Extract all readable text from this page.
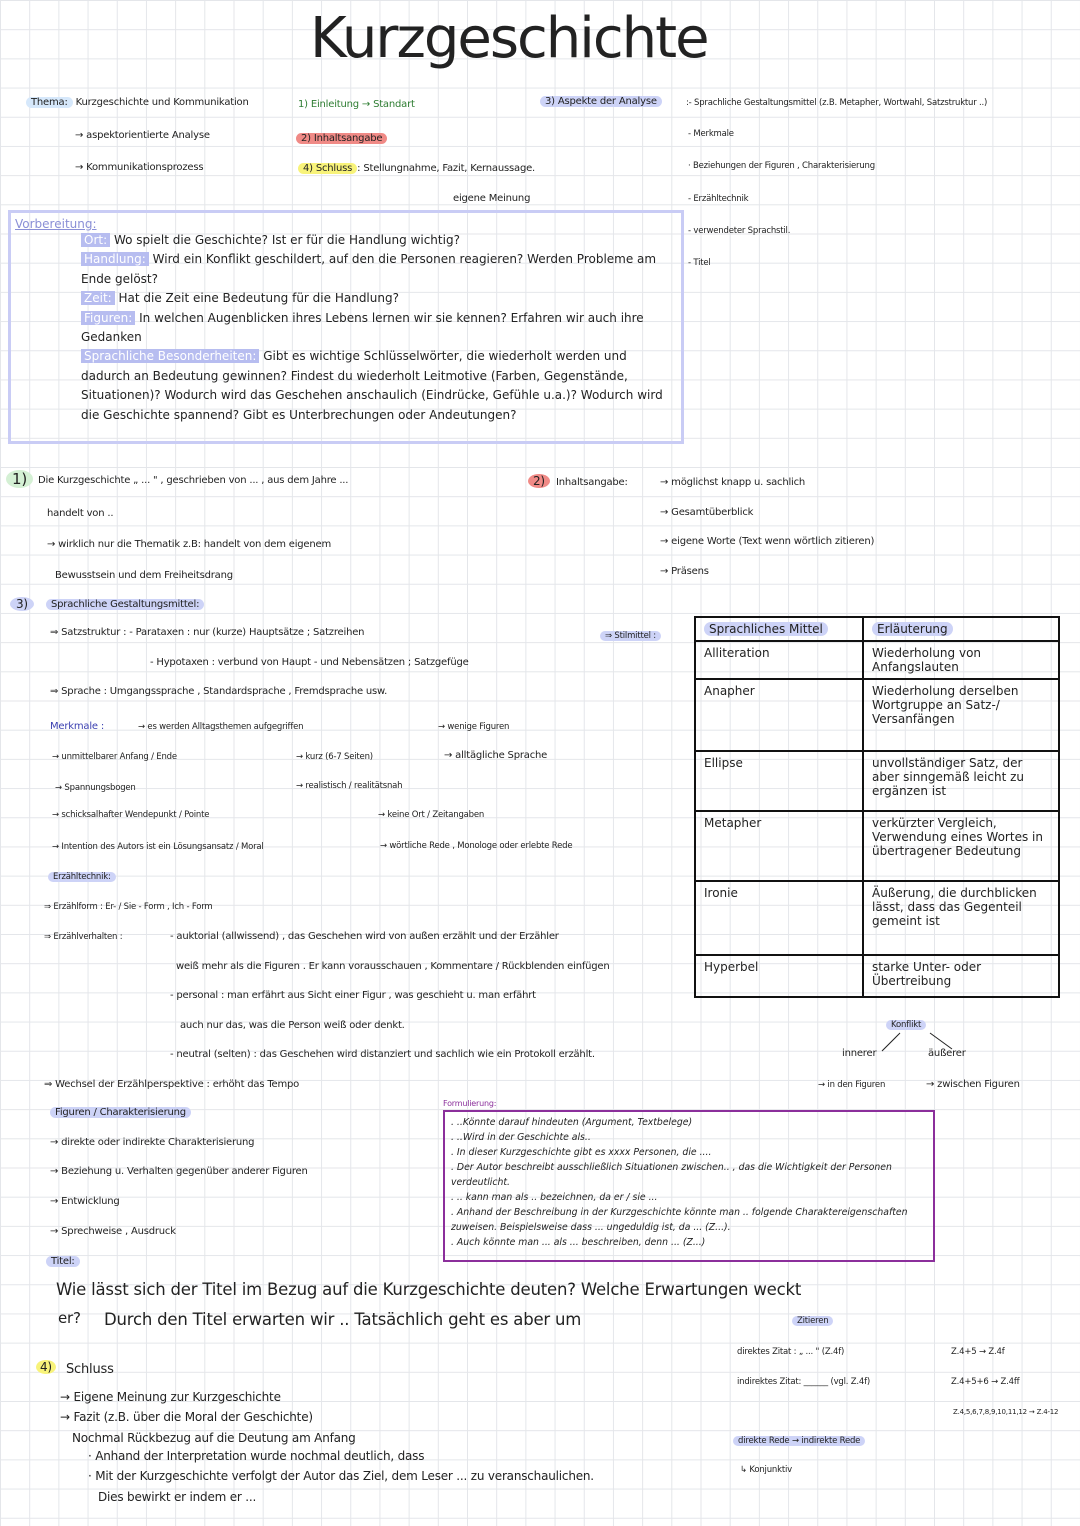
Kurzgeschichte
Thema: Kurzgeschichte und Kommunikation
→ aspektorientierte Analyse
→ Kommunikationsprozess
1) Einleitung → Standart
2) Inhaltsangabe
4) Schluss : Stellungnahme, Fazit, Kernaussage.
eigene Meinung
3) Aspekte der Analyse	:- Sprachliche Gestaltungsmittel (z.B. Metapher, Wortwahl, Satzstruktur ..)
- Merkmale
· Beziehungen der Figuren , Charakterisierung
- Erzähltechnik
- verwendeter Sprachstil.
- Titel
Vorbereitung:
Ort: Wo spielt die Geschichte? Ist er für die Handlung wichtig?
Handlung: Wird ein Konflikt geschildert, auf den die Personen reagieren? Werden Probleme am Ende gelöst?
Zeit: Hat die Zeit eine Bedeutung für die Handlung?
Figuren: In welchen Augenblicken ihres Lebens lernen wir sie kennen? Erfahren wir auch ihre Gedanken
Sprachliche Besonderheiten: Gibt es wichtige Schlüsselwörter, die wiederholt werden und dadurch an Bedeutung gewinnen? Findest du wiederholt Leitmotive (Farben, Gegenstände, Situationen)? Wodurch wird das Geschehen anschaulich (Eindrücke, Gefühle u.a.)? Wodurch wird die Geschichte spannend? Gibt es Unterbrechungen oder Andeutungen?
1)	Die Kurzgeschichte „ ... " , geschrieben von ... , aus dem Jahre ...
handelt von ..
→ wirklich nur die Thematik z.B: handelt von dem eigenem
Bewusstsein und dem Freiheitsdrang
2)	Inhaltsangabe:	→ möglichst knapp u. sachlich
→ Gesamtüberblick
→ eigene Worte (Text wenn wörtlich zitieren)
→ Präsens
3)	Sprachliche Gestaltungsmittel:
⇒ Satzstruktur : - Parataxen : nur (kurze) Hauptsätze ; Satzreihen
- Hypotaxen : verbund von Haupt - und Nebensätzen ; Satzgefüge
⇒ Sprache : Umgangssprache , Standardsprache , Fremdsprache usw.
Merkmale :	→ es werden Alltagsthemen aufgegriffen	→ wenige Figuren
→ unmittelbarer Anfang / Ende	→ kurz (6-7 Seiten)	→ alltägliche Sprache
→ Spannungsbogen	→ realistisch / realitätsnah
→ schicksalhafter Wendepunkt / Pointe	→ keine Ort / Zeitangaben
→ Intention des Autors ist ein Lösungsansatz / Moral	→ wörtliche Rede , Monologe oder erlebte Rede
Erzähltechnik:
⇒ Erzählform : Er- / Sie - Form , Ich - Form
⇒ Erzählverhalten :	- auktorial (allwissend) , das Geschehen wird von außen erzählt und der Erzähler
weiß mehr als die Figuren . Er kann vorausschauen , Kommentare / Rückblenden einfügen
- personal : man erfährt aus Sicht einer Figur , was geschieht u. man erfährt
auch nur das, was die Person weiß oder denkt.
- neutral (selten) : das Geschehen wird distanziert und sachlich wie ein Protokoll erzählt.
⇒ Wechsel der Erzählperspektive : erhöht das Tempo
⇒ Stilmittel :	Sprachliches Mittel	Erläuterung
Alliteration	Wiederholung von Anfangslauten
Anapher	Wiederholung derselben Wortgruppe an Satz-/ Versanfängen
Ellipse	unvollständiger Satz, der aber sinngemäß leicht zu ergänzen ist
Metapher	verkürzter Vergleich, Verwendung eines Wortes in übertragener Bedeutung
Ironie	Äußerung, die durchblicken lässt, dass das Gegenteil gemeint ist
Hyperbel	starke Unter- oder Übertreibung
Konflikt
innerer	äußerer
→ in den Figuren	→ zwischen Figuren
Figuren / Charakterisierung
→ direkte oder indirekte Charakterisierung
→ Beziehung u. Verhalten gegenüber anderer Figuren
→ Entwicklung
→ Sprechweise , Ausdruck
Formulierung:
. ..Könnte darauf hindeuten (Argument, Textbelege)
. ..Wird in der Geschichte als..
. In dieser Kurzgeschichte gibt es xxxx Personen, die ....
. Der Autor beschreibt ausschließlich Situationen zwischen.. , das die Wichtigkeit der Personen verdeutlicht.
. .. kann man als .. bezeichnen, da er / sie ...
. Anhand der Beschreibung in der Kurzgeschichte könnte man .. folgende Charaktereigenschaften zuweisen. Beispielsweise dass ... ungeduldig ist, da ... (Z...).
. Auch könnte man ... als ... beschreiben, denn ... (Z...)
Titel:
Wie lässt sich der Titel im Bezug auf die Kurzgeschichte deuten? Welche Erwartungen weckt
er? Durch den Titel erwarten wir .. Tatsächlich geht es aber um	Zitieren
direktes Zitat : „ ... " (Z.4f)
indirektes Zitat: ______ (vgl. Z.4f)
Z.4+5 → Z.4f
Z.4+5+6 → Z.4ff
Z.4,5,6,7,8,9,10,11,12 → Z.4-12
direkte Rede → indirekte Rede
↳ Konjunktiv
4)	Schluss
→ Eigene Meinung zur Kurzgeschichte
→ Fazit (z.B. über die Moral der Geschichte)
Nochmal Rückbezug auf die Deutung am Anfang
· Anhand der Interpretation wurde nochmal deutlich, dass
· Mit der Kurzgeschichte verfolgt der Autor das Ziel, dem Leser ... zu veranschaulichen.
Dies bewirkt er indem er ...
